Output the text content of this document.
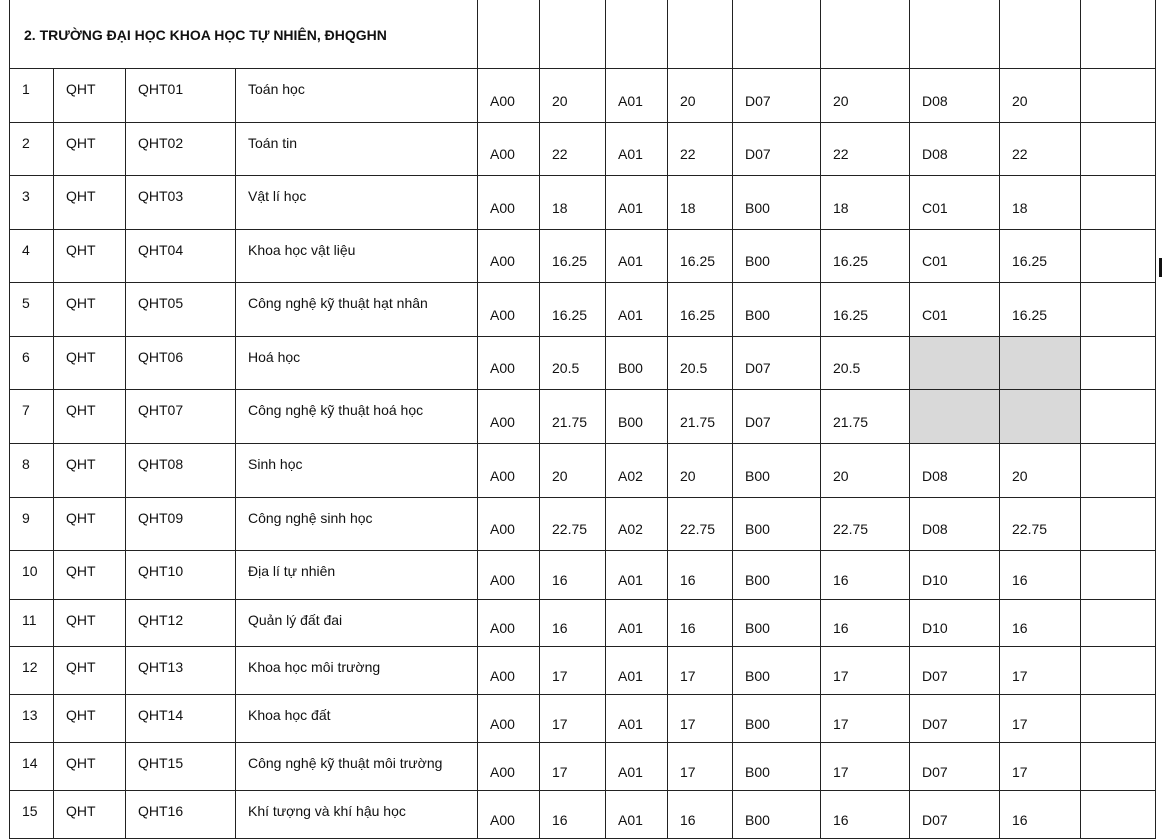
2. TRƯỜNG ĐẠI HỌC KHOA HỌC TỰ NHIÊN, ĐHQGHN												
1	QHT	QHT01	Toán học	A00	20	A01	20	D07	20	D08	20	
2	QHT	QHT02	Toán tin	A00	22	A01	22	D07	22	D08	22	
3	QHT	QHT03	Vật lí học	A00	18	A01	18	B00	18	C01	18	
4	QHT	QHT04	Khoa học vật liệu	A00	16.25	A01	16.25	B00	16.25	C01	16.25	
5	QHT	QHT05	Công nghệ kỹ thuật hạt nhân	A00	16.25	A01	16.25	B00	16.25	C01	16.25	
6	QHT	QHT06	Hoá học	A00	20.5	B00	20.5	D07	20.5			
7	QHT	QHT07	Công nghệ kỹ thuật hoá học	A00	21.75	B00	21.75	D07	21.75			
8	QHT	QHT08	Sinh học	A00	20	A02	20	B00	20	D08	20	
9	QHT	QHT09	Công nghệ sinh học	A00	22.75	A02	22.75	B00	22.75	D08	22.75	
10	QHT	QHT10	Địa lí tự nhiên	A00	16	A01	16	B00	16	D10	16	
11	QHT	QHT12	Quản lý đất đai	A00	16	A01	16	B00	16	D10	16	
12	QHT	QHT13	Khoa học môi trường	A00	17	A01	17	B00	17	D07	17	
13	QHT	QHT14	Khoa học đất	A00	17	A01	17	B00	17	D07	17	
14	QHT	QHT15	Công nghệ kỹ thuật môi trường	A00	17	A01	17	B00	17	D07	17	
15	QHT	QHT16	Khí tượng và khí hậu học	A00	16	A01	16	B00	16	D07	16	
